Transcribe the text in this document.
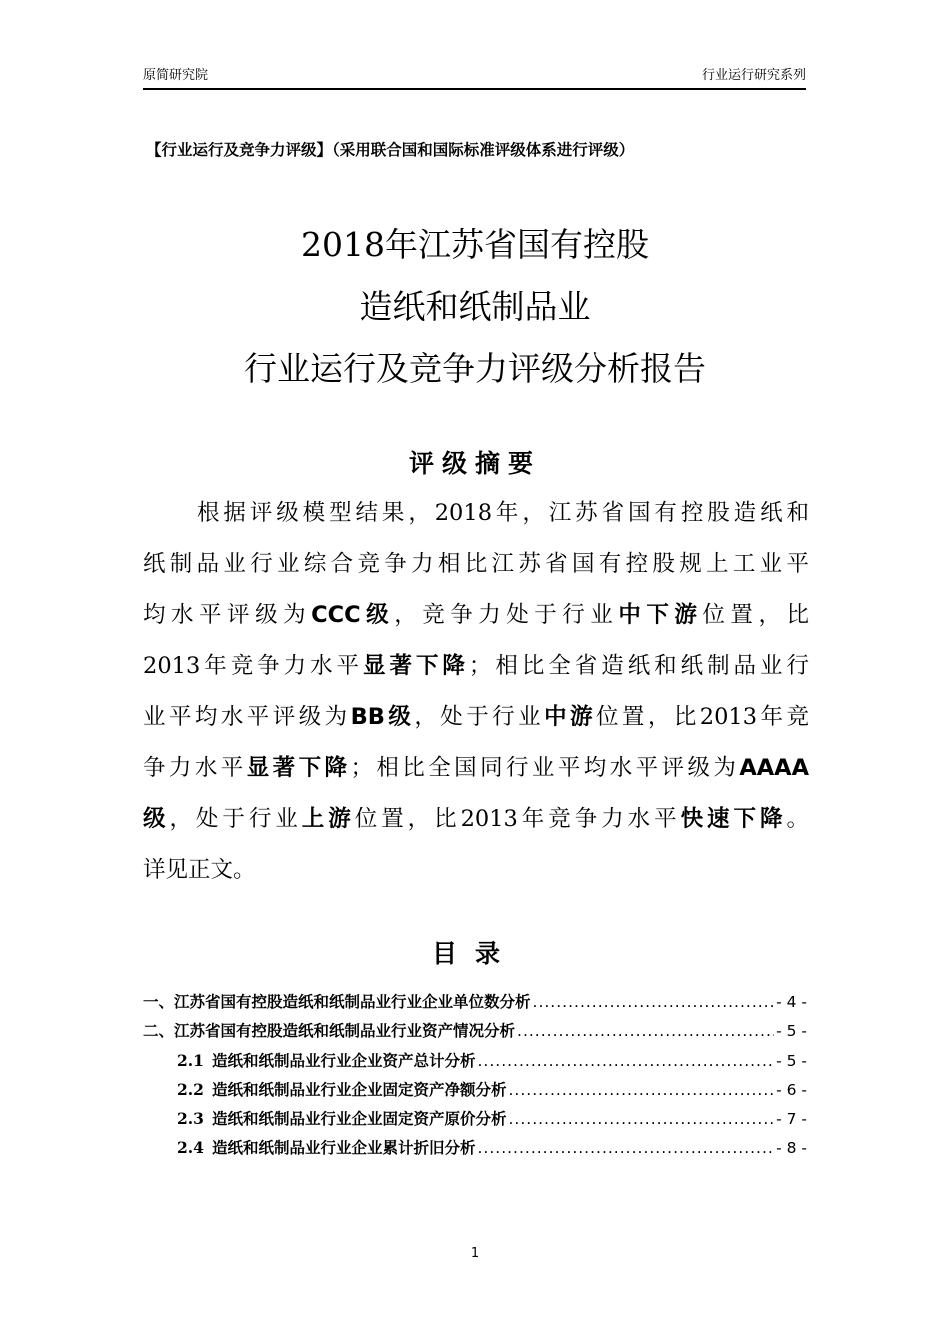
原简研究院	行业运行研究系列
【行业运行及竞争力评级】（采用联合国和国际标准评级体系进行评级）
2018年江苏省国有控股
造纸和纸制品业
行业运行及竞争力评级分析报告
评级摘要
根据评级模型结果，2018年，江苏省国有控股造纸和
纸制品业行业综合竞争力相比江苏省国有控股规上工业平
均水平评级为CCC级，竞争力处于行业中下游位置，比
2013年竞争力水平显著下降；相比全省造纸和纸制品业行
业平均水平评级为BB级，处于行业中游位置，比2013年竞
争力水平显著下降；相比全国同行业平均水平评级为AAAA
级，处于行业上游位置，比2013年竞争力水平快速下降。
详见正文。
目录
一、江苏省国有控股造纸和纸制品业行业企业单位数分析 .....	- 4 -
二、江苏省国有控股造纸和纸制品业行业资产情况分析 .....	- 5 -
2.1 造纸和纸制品业行业企业资产总计分析 .....	- 5 -
2.2 造纸和纸制品业行业企业固定资产净额分析 .....	- 6 -
2.3 造纸和纸制品业行业企业固定资产原价分析 .....	- 7 -
2.4 造纸和纸制品业行业企业累计折旧分析 .....	- 8 -
1
